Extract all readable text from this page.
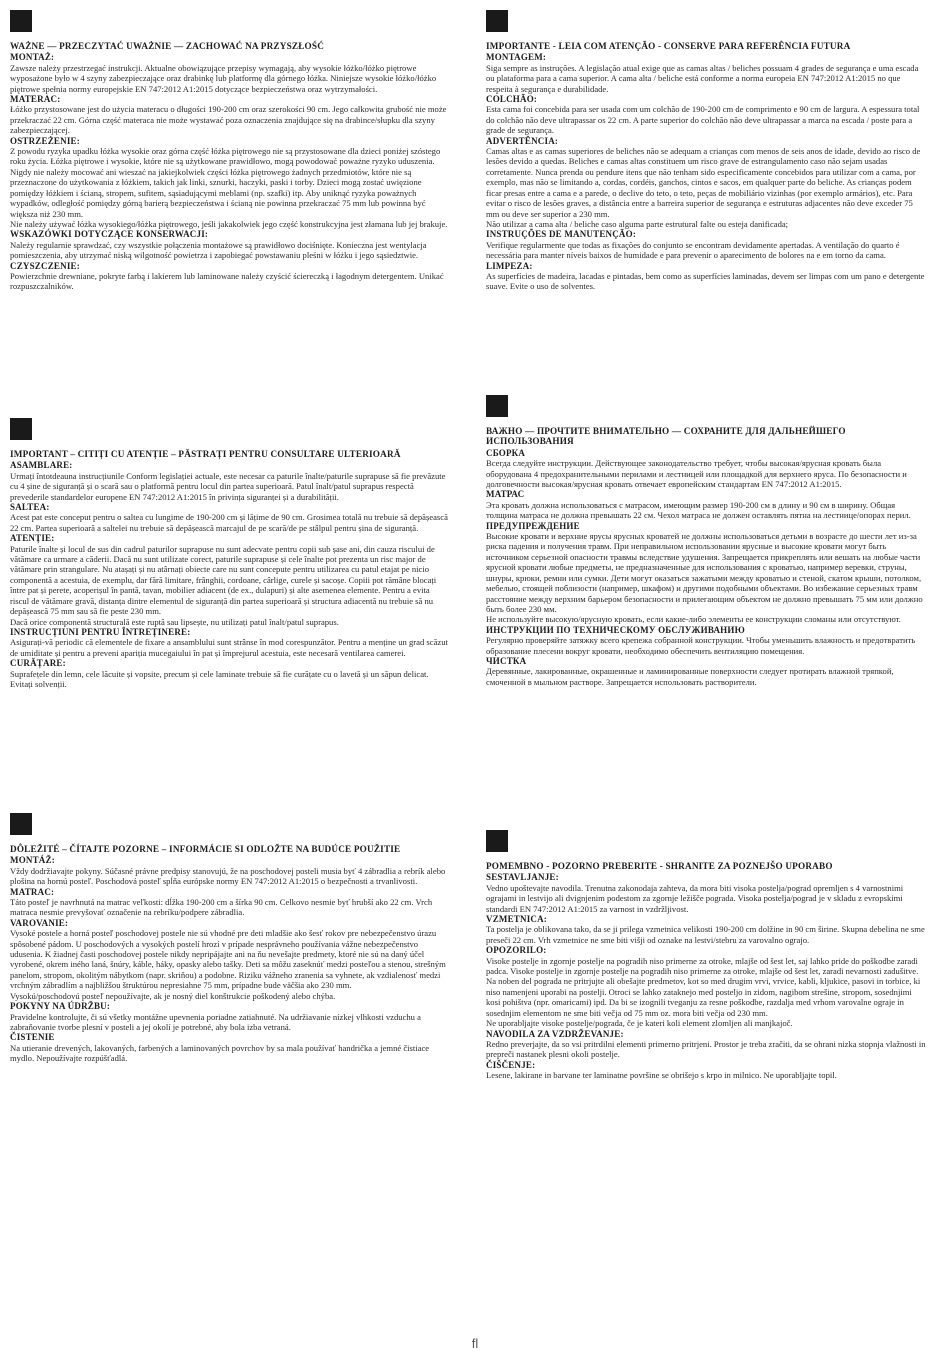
WAŻNE — PRZECZYTAĆ UWAŻNIE — ZACHOWAĆ NA PRZYSZŁOŚĆ
MONTAŻ:
Zawsze należy przestrzegać instrukcji. Aktualne obowiązujące przepisy wymagają, aby wysokie łóżko/łóżko piętrowe wyposażone było w 4 szyny zabezpieczające oraz drabinkę lub platformę dla górnego łóżka. Niniejsze wysokie łóżko/łóżko piętrowe spełnia normy europejskie EN 747:2012 A1:2015 dotyczące bezpieczeństwa oraz wytrzymałości.
MATERAC:
Łóżko przystosowane jest do użycia materacu o długości 190-200 cm oraz szerokości 90 cm. Jego całkowita grubość nie może przekraczać 22 cm. Górna część materaca nie może wystawać poza oznaczenia znajdujące się na drabince/słupku dla szyny zabezpieczającej.
OSTRZEŻENIE:
Z powodu ryzyka upadku łóżka wysokie oraz górna część łóżka piętrowego nie są przystosowane dla dzieci poniżej szóstego roku życia. Łóżka piętrowe i wysokie, które nie są użytkowane prawidłowo, mogą powodować poważne ryzyko uduszenia. Nigdy nie należy mocować ani wieszać na jakiejkolwiek części łóżka piętrowego żadnych przedmiotów, które nie są przeznaczone do użytkowania z łóżkiem, takich jak linki, sznurki, haczyki, paski i torby. Dzieci mogą zostać uwięzione pomiędzy łóżkiem i ścianą, stropem, sufitem, sąsiadującymi meblami (np. szafki) itp. Aby uniknąć ryzyka poważnych wypadków, odległość pomiędzy górną barierą bezpieczeństwa i ścianą nie powinna przekraczać 75 mm lub powinna być większa niż 230 mm.
Nie należy używać łóżka wysokiego/łóżka piętrowego, jeśli jakakolwiek jego część konstrukcyjna jest złamana lub jej brakuje.
WSKAZÓWKI DOTYCZĄCE KONSERWACJI:
Należy regularnie sprawdzać, czy wszystkie połączenia montażowe są prawidłowo dociśnięte. Konieczna jest wentylacja pomieszczenia, aby utrzymać niską wilgotność powietrza i zapobiegać powstawaniu pleśni w łóżku i jego sąsiedztwie.
CZYSZCZENIE:
Powierzchnie drewniane, pokryte farbą i lakierem lub laminowane należy czyścić ściereczką i łagodnym detergentem. Unikać rozpuszczalników.
IMPORTANTE - LEIA COM ATENÇÃO - CONSERVE PARA REFERÊNCIA FUTURA
MONTAGEM:
Siga sempre as instruções. A legislação atual exige que as camas altas / beliches possuam 4 grades de segurança e uma escada ou plataforma para a cama superior. A cama alta / beliche está conforme a norma europeia EN 747:2012 A1:2015 no que respeita à segurança e durabilidade.
COLCHÃO:
Esta cama foi concebida para ser usada com um colchão de 190-200 cm de comprimento e 90 cm de largura. A espessura total do colchão não deve ultrapassar os 22 cm. A parte superior do colchão não deve ultrapassar a marca na escada / poste para a grade de segurança.
ADVERTÊNCIA:
Camas altas e as camas superiores de beliches não se adequam a crianças com menos de seis anos de idade, devido ao risco de lesões devido a quedas. Beliches e camas altas constituem um risco grave de estrangulamento caso não sejam usadas corretamente. Nunca prenda ou pendure itens que não tenham sido especificamente concebidos para utilizar com a cama, por exemplo, mas não se limitando a, cordas, cordéis, ganchos, cintos e sacos, em qualquer parte do beliche. As crianças podem ficar presas entre a cama e a parede, o declive do teto, o teto, peças de mobiliário vizinhas (por exemplo armários), etc. Para evitar o risco de lesões graves, a distância entre a barreira superior de segurança e estruturas adjacentes não deve exceder 75 mm ou deve ser superior a 230 mm.
Não utilizar a cama alta / beliche caso alguma parte estrutural falte ou esteja danificada;
INSTRUÇÕES DE MANUTENÇÃO:
Verifique regularmente que todas as fixações do conjunto se encontram devidamente apertadas. A ventilação do quarto é necessária para manter níveis baixos de humidade e para prevenir o aparecimento de bolores na e em torno da cama.
LIMPEZA:
As superfícies de madeira, lacadas e pintadas, bem como as superfícies laminadas, devem ser limpas com um pano e detergente suave. Evite o uso de solventes.
IMPORTANT – CITIȚI CU ATENȚIE – PĂSTRAȚI PENTRU CONSULTARE ULTERIOARĂ
ASAMBLARE:
Urmați întotdeauna instrucțiunile Conform legislației actuale, este necesar ca paturile înalte/paturile suprapuse să fie prevăzute cu 4 șine de siguranță și o scară sau o platformă pentru locul din partea superioară. Patul înalt/patul suprapus respectă prevederile standardelor europene EN 747:2012 A1:2015 în privința siguranței și a durabilității.
SALTEA:
Acest pat este conceput pentru o saltea cu lungime de 190-200 cm și lățime de 90 cm. Grosimea totală nu trebuie să depășească 22 cm. Partea superioară a saltelei nu trebuie să depășească marcajul de pe scară/de pe stâlpul pentru șina de siguranță.
ATENȚIE:
Paturile înalte și locul de sus din cadrul paturilor suprapuse nu sunt adecvate pentru copii sub șase ani, din cauza riscului de vătămare ca urmare a căderii. Dacă nu sunt utilizate corect, paturile suprapuse și cele înalte pot prezenta un risc major de vătămare prin strangulare. Nu atașați și nu atârnați obiecte care nu sunt concepute pentru utilizarea cu patul etajat pe nicio componentă a acestuia, de exemplu, dar fără limitare, frânghii, cordoane, cârlige, curele și sacoșe. Copiii pot rămâne blocați între pat și perete, acoperișul în pantă, tavan, mobilier adiacent (de ex., dulapuri) și alte asemenea elemente. Pentru a evita riscul de vătămare gravă, distanța dintre elementul de siguranță din partea superioară și structura adiacentă nu trebuie să nu depășească 75 mm sau să fie peste 230 mm.
Dacă orice componentă structurală este ruptă sau lipsește, nu utilizați patul înalt/patul suprapus.
INSTRUCȚIUNI PENTRU ÎNTREȚINERE:
Asigurați-vă periodic că elementele de fixare a ansamblului sunt strânse în mod corespunzător. Pentru a menține un grad scăzut de umiditate și pentru a preveni apariția mucegaiului în pat și împrejurul acestuia, este necesară ventilarea camerei.
CURĂȚARE:
Suprafețele din lemn, cele lăcuite și vopsite, precum și cele laminate trebuie să fie curățate cu o lavetă și un săpun delicat. Evitați solvenții.
ВАЖНО — ПРОЧТИТЕ ВНИМАТЕЛЬНО — СОХРАНИТЕ ДЛЯ ДАЛЬНЕЙШЕГО ИСПОЛЬЗОВАНИЯ
СБОРКА
Всегда следуйте инструкции. Действующее законодательство требует, чтобы высокая/ярусная кровать была оборудована 4 предохранительными перилами и лестницей или площадкой для верхнего яруса. По безопасности и долговечности высокая/ярусная кровать отвечает европейским стандартам EN 747:2012 A1:2015.
МАТРАС
Эта кровать должна использоваться с матрасом, имеющим размер 190-200 см в длину и 90 см в ширину. Общая толщина матраса не должна превышать 22 см. Чехол матраса не должен оставлять пятна на лестнице/опорах перил.
ПРЕДУПРЕЖДЕНИЕ
Высокие кровати и верхние ярусы ярусных кроватей не должны использоваться детьми в возрасте до шести лет из-за риска падения и получения травм. При неправильном использовании ярусные и высокие кровати могут быть источником серьезной опасности травмы вследствие удушения. Запрещается прикреплять или вешать на любые части ярусной кровати любые предметы, не предназначенные для использования с кроватью, например веревки, струны, шнуры, крюки, ремни или сумки. Дети могут оказаться зажатыми между кроватью и стеной, скатом крыши, потолком, мебелью, стоящей поблизости (например, шкафом) и другими подобными объектами. Во избежание серьезных травм расстояние между верхним барьером безопасности и прилегающим объектом не должно превышать 75 мм или должно быть более 230 мм.
Не используйте высокую/ярусную кровать, если какие-либо элементы ее конструкции сломаны или отсутствуют.
ИНСТРУКЦИИ ПО ТЕХНИЧЕСКОМУ ОБСЛУЖИВАНИЮ
Регулярно проверяйте затяжку всего крепежа собранной конструкции. Чтобы уменьшить влажность и предотвратить образование плесени вокруг кровати, необходимо обеспечить вентиляцию помещения.
ЧИСТКА
Деревянные, лакированные, окрашенные и ламинированные поверхности следует протирать влажной тряпкой, смоченной в мыльном растворе. Запрещается использовать растворители.
DÔLEŽITÉ – ČÍTAJTE POZORNE – INFORMÁCIE SI ODLOŽTE NA BUDÚCE POUŽITIE
MONTÁŽ:
Vždy dodržiavajte pokyny. Súčasné právne predpisy stanovujú, že na poschodovej posteli musia byť 4 zábradlia a rebrík alebo plošina na hornú posteľ. Poschodová posteľ spĺňa európske normy EN 747:2012 A1:2015 o bezpečnosti a trvanlivosti.
MATRAC:
Táto posteľ je navrhnutá na matrac veľkosti: dĺžka 190-200 cm a šírka 90 cm. Celkovo nesmie byť hrubší ako 22 cm. Vrch matraca nesmie prevyšovať označenie na rebríku/podpere zábradlia.
VAROVANIE:
Vysoké postele a horná posteľ poschodovej postele nie sú vhodné pre deti mladšie ako šesť rokov pre nebezpečenstvo úrazu spôsobené pádom. U poschodových a vysokých postelí hrozí v prípade nesprávneho používania vážne nebezpečenstvo udusenia. K žiadnej časti poschodovej postele nikdy nepripájajte ani na ňu nevešajte predmety, ktoré nie sú na daný účel vyrobené, okrem iného laná, šnúry, káble, háky, opasky alebo tašky. Deti sa môžu zaseknúť medzi posteľou a stenou, strešným panelom, stropom, okolitým nábytkom (napr. skriňou) a podobne. Riziku vážneho zranenia sa vyhnete, ak vzdialenosť medzi vrchným zábradlím a najbližšou štruktúrou nepresiahne 75 mm, prípadne bude väčšia ako 230 mm.
Vysokú/poschodovú posteľ nepoužívajte, ak je nosný diel konštrukcie poškodený alebo chýba.
POKYNY NA ÚDRŽBU:
Pravidelne kontrolujte, či sú všetky montážne upevnenia poriadne zatiahnuté. Na udržiavanie nízkej vlhkosti vzduchu a zabraňovanie tvorbe plesní v posteli a jej okolí je potrebné, aby bola izba vetraná.
ČISTENIE
Na utieranie drevených, lakovaných, farbených a laminovaných povrchov by sa mala používať handrička a jemné čistiace mydlo. Nepoužívajte rozpúšťadlá.
POMEMBNO - POZORNO PREBERITE - SHRANITE ZA POZNEJŠO UPORABO
SESTAVLJANJE:
Vedno upoštevajte navodila. Trenutna zakonodaja zahteva, da mora biti visoka postelja/pograd opremljen s 4 varnostnimi ograjami in lestvijo ali dvignjenim podestom za zgornje ležišče pograda. Visoka postelja/pograd je v skladu z evropskimi standardi EN 747:2012 A1:2015 za varnost in vzdržljivost.
VZMETNICA:
Ta postelja je oblikovana tako, da se ji prilega vzmetnica velikosti 190-200 cm dolžine in 90 cm širine. Skupna debelina ne sme preseči 22 cm. Vrh vzmetnice ne sme biti višji od oznake na lestvi/stebru za varovalno ograjo.
OPOZORILO:
Visoke postelje in zgornje postelje na pogradih niso primerne za otroke, mlajše od šest let, saj lahko pride do poškodbe zaradi padca. Visoke postelje in zgornje postelje na pogradih niso primerne za otroke, mlajše od šest let, zaradi nevarnosti zadušitve. Na noben del pograda ne pritrjujte ali obešajte predmetov, kot so med drugim vrvi, vrvice, kabli, kljukice, pasovi in torbice, ki niso namenjeni uporabi na postelji. Otroci se lahko zataknejo med posteljo in zidom, nagibom strešine, stropom, sosednjimi kosi pohištva (npr. omaricami) ipd. Da bi se izognili tveganju za resne poškodbe, razdalja med vrhom varovalne ograje in sosednjim elementom ne sme biti večja od 75 mm oz. mora biti večja od 230 mm.
Ne uporabljajte visoke postelje/pograda, če je kateri koli element zlomljen ali manjkajoč.
NAVODILA ZA VZDRŽEVANJE:
Redno preverjajte, da so vsi pritrdilni elementi primerno pritrjeni. Prostor je treba zračiti, da se ohrani nizka stopnja vlažnosti in prepreči nastanek plesni okoli postelje.
ČIŠČENJE:
Lesene, lakirane in barvane ter laminatne površine se obrišejo s krpo in milnico. Ne uporabljajte topil.
fl
